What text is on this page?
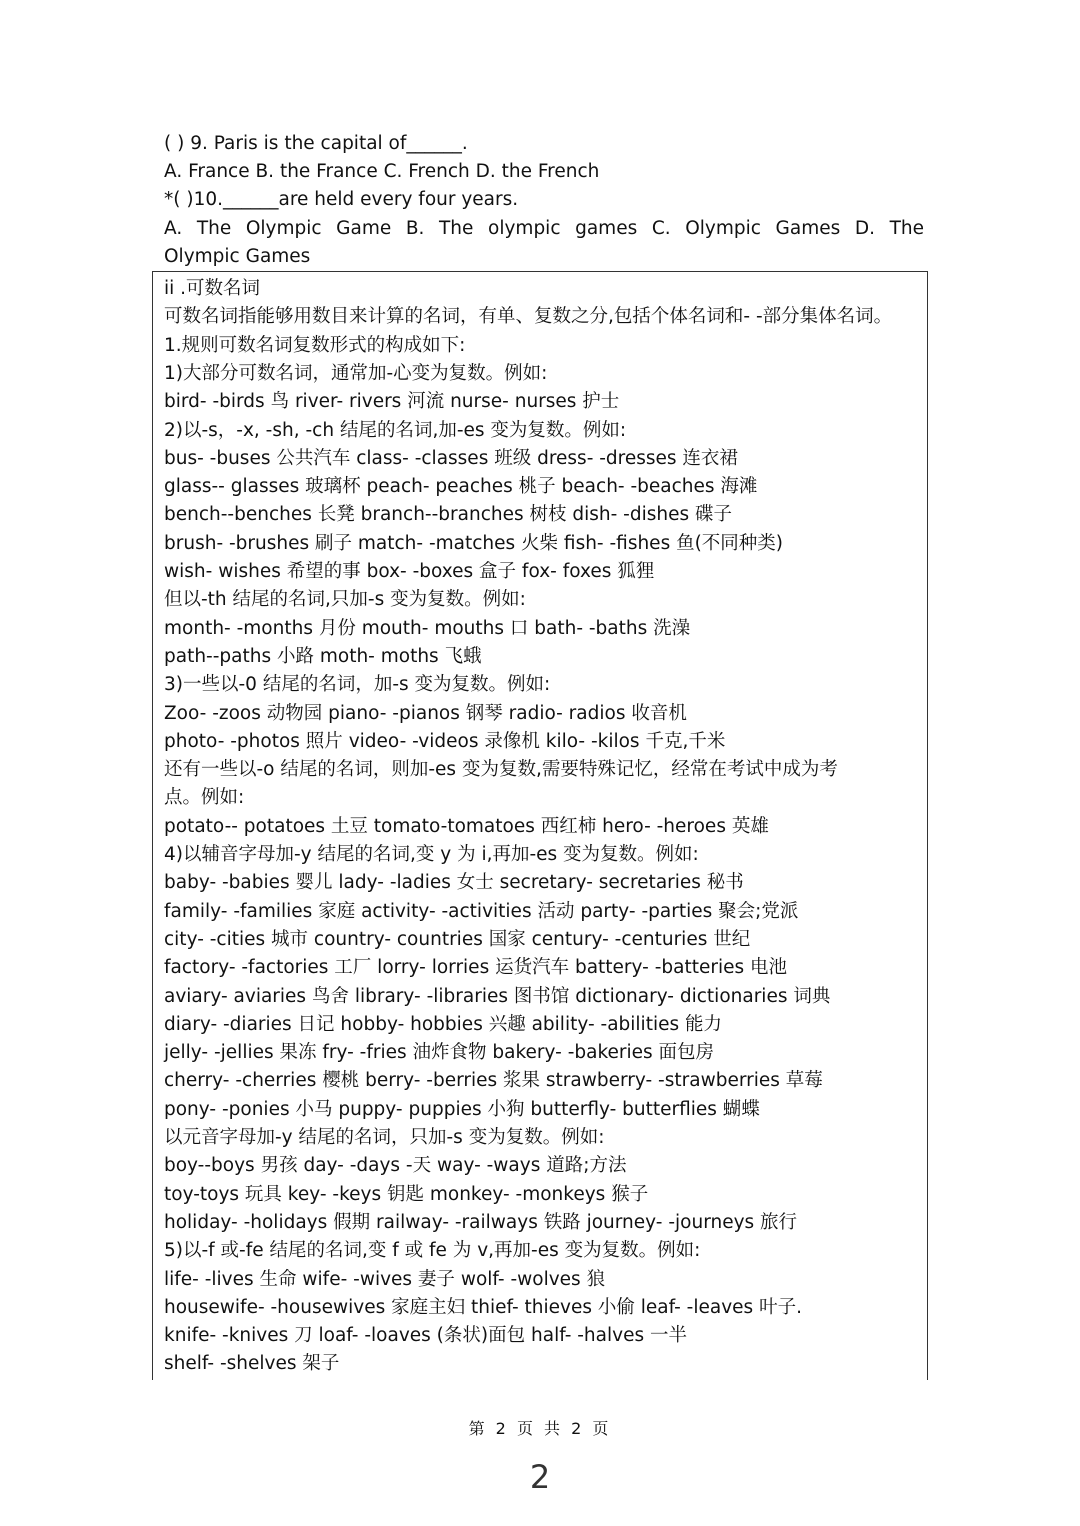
( ) 9. Paris is the capital of______.
A. France B. the France C. French D. the French
*( )10.______are held every four years.
A. The Olympic Game B. The olympic games C. Olympic Games D. The
Olympic Games
ii .可数名词
可数名词指能够用数目来计算的名词，有单、复数之分,包括个体名词和- -部分集体名词。
1.规则可数名词复数形式的构成如下:
1)大部分可数名词，通常加-心变为复数。例如:
bird- -birds 鸟 river- rivers 河流 nurse- nurses 护士
2)以-s，-x, -sh, -ch 结尾的名词,加-es 变为复数。例如:
bus- -buses 公共汽车 class- -classes 班级 dress- -dresses 连衣裙
glass-- glasses 玻璃杯 peach- peaches 桃子 beach- -beaches 海滩
bench--benches 长凳 branch--branches 树枝 dish- -dishes 碟子
brush- -brushes 刷子 match- -matches 火柴 fish- -fishes 鱼(不同种类)
wish- wishes 希望的事 box- -boxes 盒子 fox- foxes 狐狸
但以-th 结尾的名词,只加-s 变为复数。例如:
month- -months 月份 mouth- mouths 口 bath- -baths 洗澡
path--paths 小路 moth- moths 飞蛾
3)一些以-0 结尾的名词，加-s 变为复数。例如:
Zoo- -zoos 动物园 piano- -pianos 钢琴 radio- radios 收音机
photo- -photos 照片 video- -videos 录像机 kilo- -kilos 千克,千米
还有一些以-o 结尾的名词，则加-es 变为复数,需要特殊记忆，经常在考试中成为考
点。例如:
potato-- potatoes 土豆 tomato-tomatoes 西红柿 hero- -heroes 英雄
4)以辅音字母加-y 结尾的名词,变 y 为 i,再加-es 变为复数。例如:
baby- -babies 婴儿 lady- -ladies 女士 secretary- secretaries 秘书
family- -families 家庭 activity- -activities 活动 party- -parties 聚会;党派
city- -cities 城市 country- countries 国家 century- -centuries 世纪
factory- -factories 工厂 lorry- lorries 运货汽车 battery- -batteries 电池
aviary- aviaries 鸟舍 library- -libraries 图书馆 dictionary- dictionaries 词典
diary- -diaries 日记 hobby- hobbies 兴趣 ability- -abilities 能力
jelly- -jellies 果冻 fry- -fries 油炸食物 bakery- -bakeries 面包房
cherry- -cherries 樱桃 berry- -berries 浆果 strawberry- -strawberries 草莓
pony- -ponies 小马 puppy- puppies 小狗 butterfly- butterflies 蝴蝶
以元音字母加-y 结尾的名词，只加-s 变为复数。例如:
boy--boys 男孩 day- -days -天 way- -ways 道路;方法
toy-toys 玩具 key- -keys 钥匙 monkey- -monkeys 猴子
holiday- -holidays 假期 railway- -railways 铁路 journey- -journeys 旅行
5)以-f 或-fe 结尾的名词,变 f 或 fe 为 v,再加-es 变为复数。例如:
life- -lives 生命 wife- -wives 妻子 wolf- -wolves 狼
housewife- -housewives 家庭主妇 thief- thieves 小偷 leaf- -leaves 叶子.
knife- -knives 刀 loaf- -loaves (条状)面包 half- -halves 一半
shelf- -shelves 架子
第 2 页 共 2 页
2
